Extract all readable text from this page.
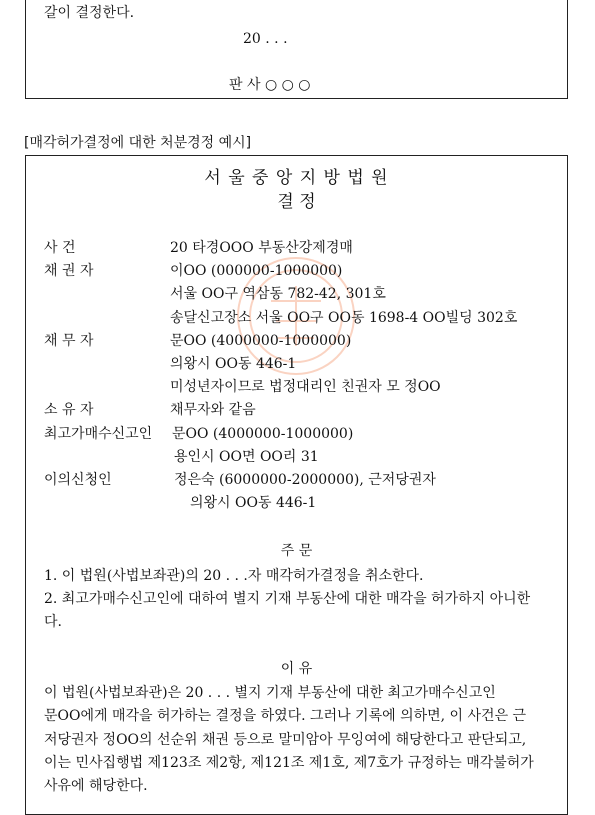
갈이 결정한다.
20 . . .
판 사 ○ ○ ○
[매각허가결정에 대한 처분경정 예시]
서 울 중 앙 지 방 법 원
결 정
사 건	20 타경OOO 부동산강제경매
채 권 자	이OO (000000-1000000)
서울 OO구 역삼동 782-42, 301호
송달신고장소 서울 OO구 OO동 1698-4 OO빌딩 302호
채 무 자	문OO (4000000-1000000)
의왕시 OO동 446-1
미성년자이므로 법정대리인 친권자 모 정OO
소 유 자	채무자와 같음
최고가매수신고인 문OO (4000000-1000000)
용인시 OO면 OO리 31
이의신청인	정은숙 (6000000-2000000), 근저당권자
의왕시 OO동 446-1
주 문
1. 이 법원(사법보좌관)의 20 . . .자 매각허가결정을 취소한다.
2. 최고가매수신고인에 대하여 별지 기재 부동산에 대한 매각을 허가하지 아니한
다.
이 유
이 법원(사법보좌관)은 20 . . . 별지 기재 부동산에 대한 최고가매수신고인
문OO에게 매각을 허가하는 결정을 하였다. 그러나 기록에 의하면, 이 사건은 근
저당권자 정OO의 선순위 채권 등으로 말미암아 무잉여에 해당한다고 판단되고,
이는 민사집행법 제123조 제2항, 제121조 제1호, 제7호가 규정하는 매각불허가
사유에 해당한다.
